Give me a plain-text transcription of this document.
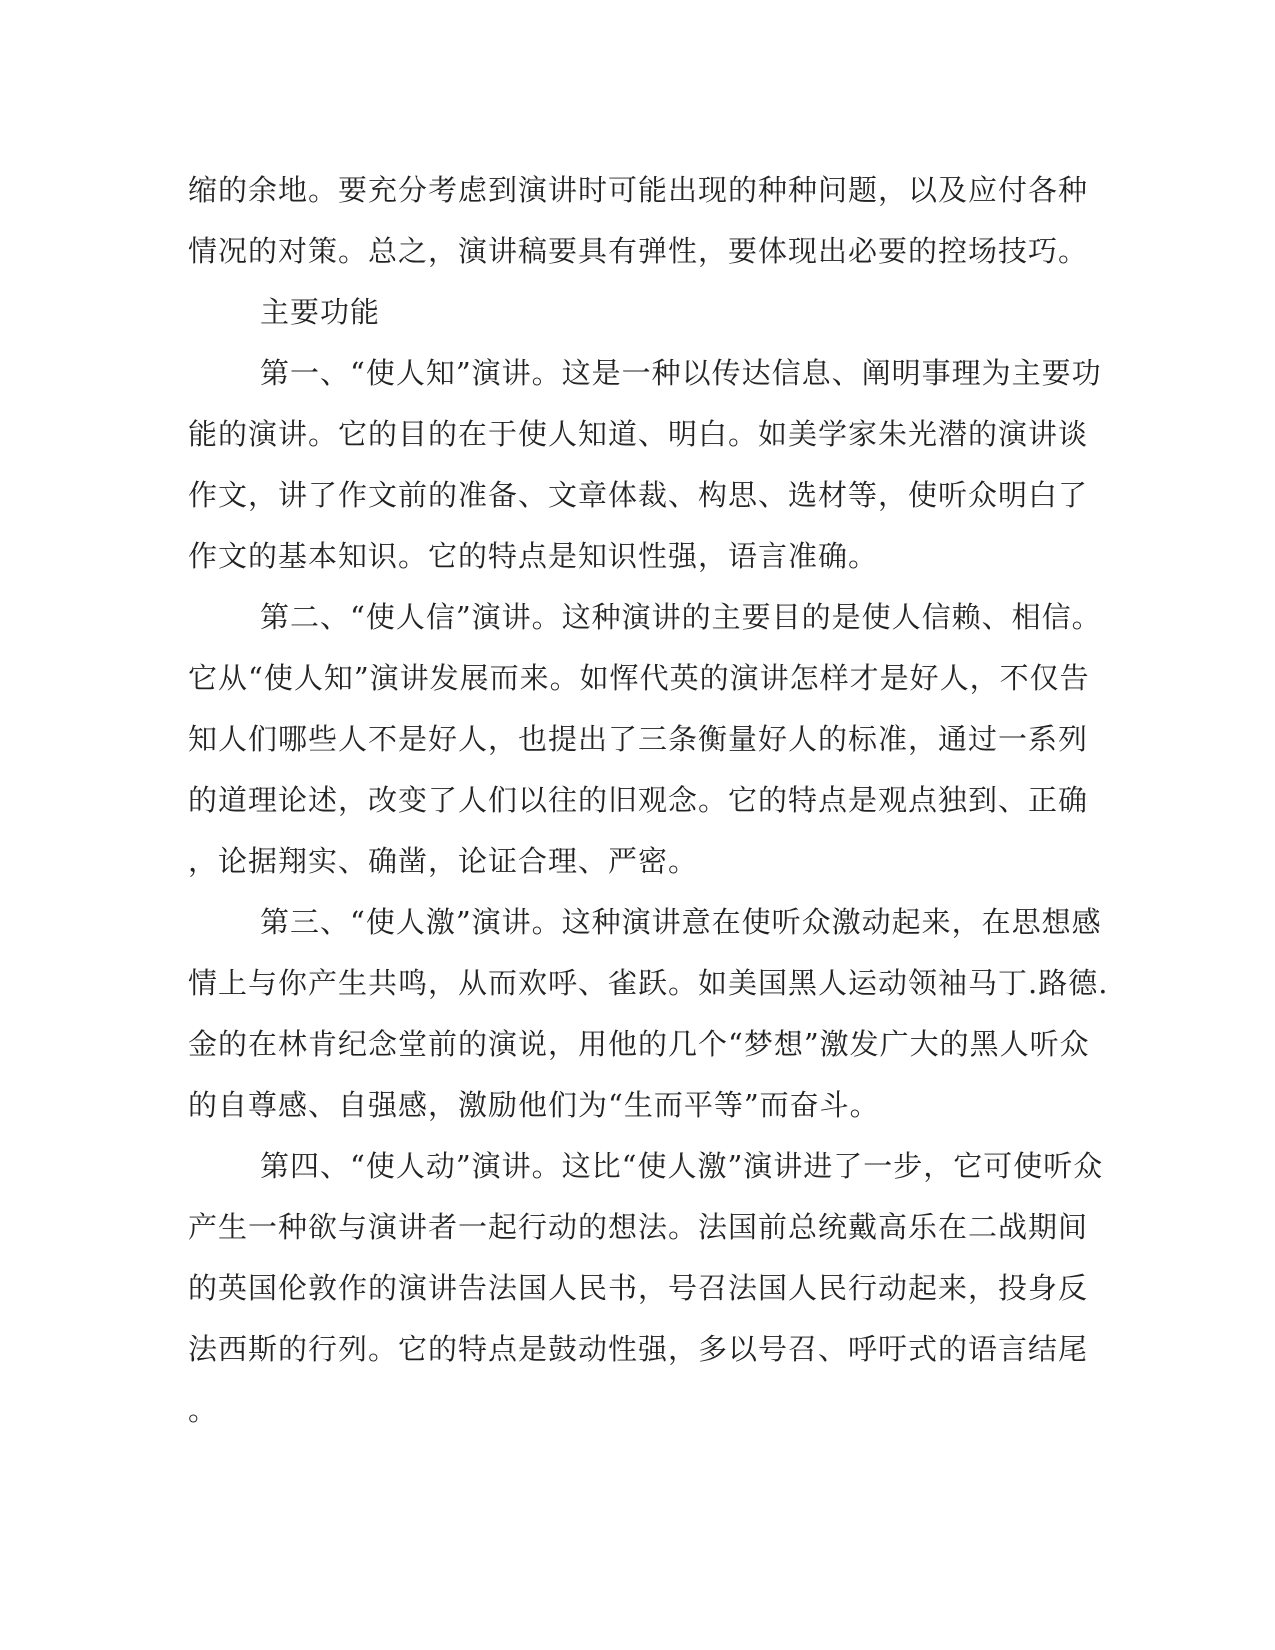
缩的余地。要充分考虑到演讲时可能出现的种种问题，以及应付各种
情况的对策。总之，演讲稿要具有弹性，要体现出必要的控场技巧。
主要功能
第一、“使人知”演讲。这是一种以传达信息、阐明事理为主要功
能的演讲。它的目的在于使人知道、明白。如美学家朱光潜的演讲谈
作文，讲了作文前的准备、文章体裁、构思、选材等，使听众明白了
作文的基本知识。它的特点是知识性强，语言准确。
第二、“使人信”演讲。这种演讲的主要目的是使人信赖、相信。
它从“使人知”演讲发展而来。如恽代英的演讲怎样才是好人，不仅告
知人们哪些人不是好人，也提出了三条衡量好人的标准，通过一系列
的道理论述，改变了人们以往的旧观念。它的特点是观点独到、正确
，论据翔实、确凿，论证合理、严密。
第三、“使人激”演讲。这种演讲意在使听众激动起来，在思想感
情上与你产生共鸣，从而欢呼、雀跃。如美国黑人运动领袖马丁.路德.
金的在林肯纪念堂前的演说，用他的几个“梦想”激发广大的黑人听众
的自尊感、自强感，激励他们为“生而平等”而奋斗。
第四、“使人动”演讲。这比“使人激”演讲进了一步，它可使听众
产生一种欲与演讲者一起行动的想法。法国前总统戴高乐在二战期间
的英国伦敦作的演讲告法国人民书，号召法国人民行动起来，投身反
法西斯的行列。它的特点是鼓动性强，多以号召、呼吁式的语言结尾
。
